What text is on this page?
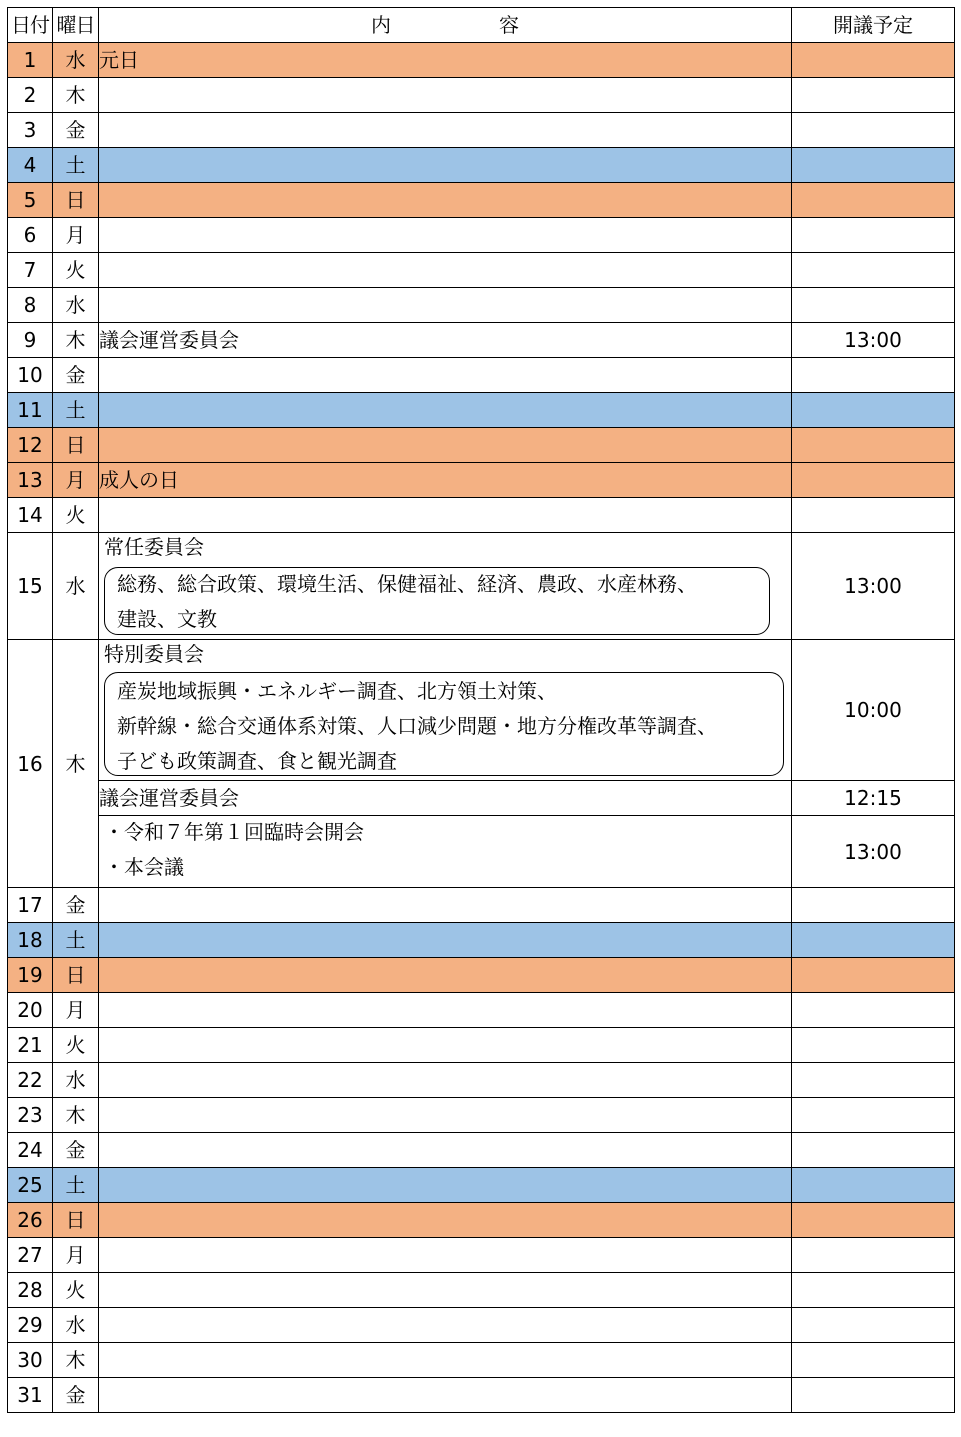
日付	曜日	内 容	開議予定
1	水	元日	
2	木		
3	金		
4	土		
5	日		
6	月		
7	火		
8	水		
9	木	議会運営委員会	13:00
10	金		
11	土		
12	日		
13	月	成人の日	
14	火		
15	水	常任委員会
総務、総合政策、環境生活、保健福祉、経済、農政、水産林務、
建設、文教	13:00
16	木	特別委員会
産炭地域振興・エネルギー調査、北方領土対策、
新幹線・総合交通体系対策、人口減少問題・地方分権改革等調査、
子ども政策調査、食と観光調査	10:00
		議会運営委員会	12:15

		・令和７年第１回臨時会開会
・本会議	13:00
17	金		
18	土		
19	日		
20	月		
21	火		
22	水		
23	木		
24	金		
25	土		
26	日		
27	月		
28	火		
29	水		
30	木		
31	金		
